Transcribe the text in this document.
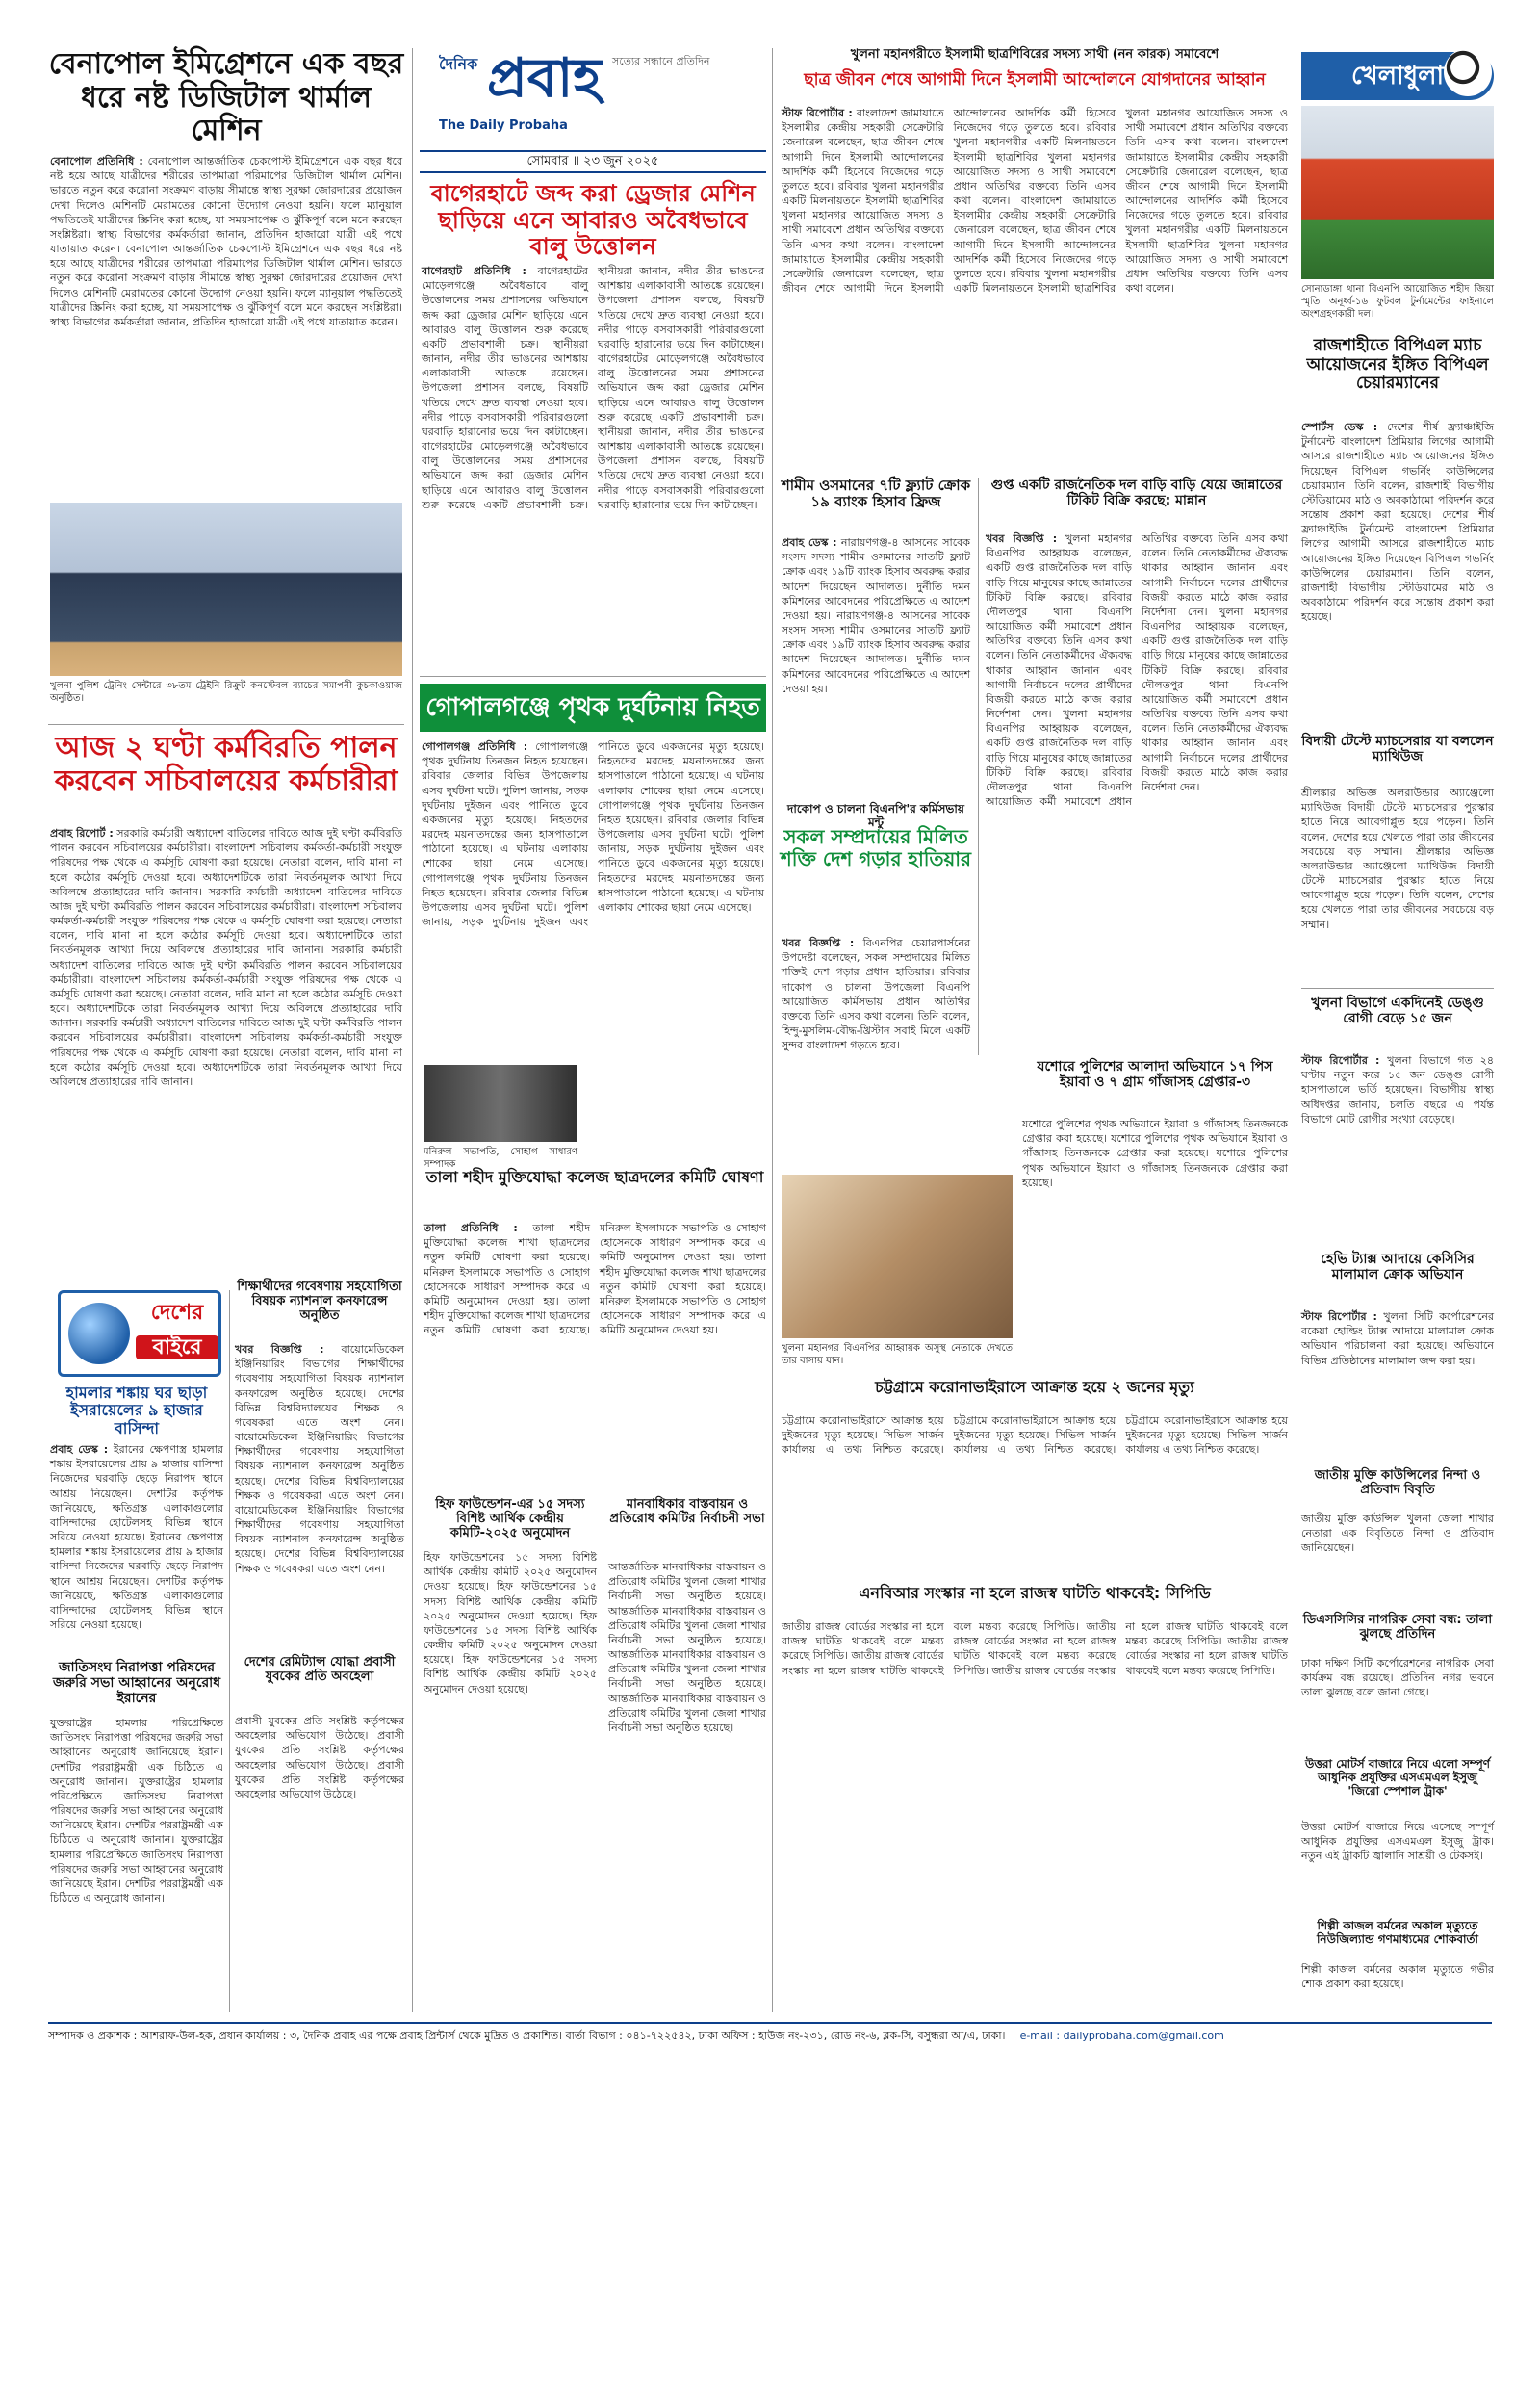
বেনাপোল ইমিগ্রেশনে এক বছর ধরে নষ্ট ডিজিটাল থার্মাল মেশিন
বেনাপোল প্রতিনিধি : বেনাপোল আন্তর্জাতিক চেকপোস্ট ইমিগ্রেশনে এক বছর ধরে নষ্ট হয়ে আছে যাত্রীদের শরীরের তাপমাত্রা পরিমাপের ডিজিটাল থার্মাল মেশিন। ভারতে নতুন করে করোনা সংক্রমণ বাড়ায় সীমান্তে স্বাস্থ্য সুরক্ষা জোরদারের প্রয়োজন দেখা দিলেও মেশিনটি মেরামতের কোনো উদ্যোগ নেওয়া হয়নি। ফলে ম্যানুয়াল পদ্ধতিতেই যাত্রীদের স্ক্রিনিং করা হচ্ছে, যা সময়সাপেক্ষ ও ঝুঁকিপূর্ণ বলে মনে করছেন সংশ্লিষ্টরা। স্বাস্থ্য বিভাগের কর্মকর্তারা জানান, প্রতিদিন হাজারো যাত্রী এই পথে যাতায়াত করেন। বেনাপোল আন্তর্জাতিক চেকপোস্ট ইমিগ্রেশনে এক বছর ধরে নষ্ট হয়ে আছে যাত্রীদের শরীরের তাপমাত্রা পরিমাপের ডিজিটাল থার্মাল মেশিন। ভারতে নতুন করে করোনা সংক্রমণ বাড়ায় সীমান্তে স্বাস্থ্য সুরক্ষা জোরদারের প্রয়োজন দেখা দিলেও মেশিনটি মেরামতের কোনো উদ্যোগ নেওয়া হয়নি। ফলে ম্যানুয়াল পদ্ধতিতেই যাত্রীদের স্ক্রিনিং করা হচ্ছে, যা সময়সাপেক্ষ ও ঝুঁকিপূর্ণ বলে মনে করছেন সংশ্লিষ্টরা। স্বাস্থ্য বিভাগের কর্মকর্তারা জানান, প্রতিদিন হাজারো যাত্রী এই পথে যাতায়াত করেন।
খুলনা পুলিশ ট্রেনিং সেন্টারে ৩৮তম ট্রেইনি রিক্রুট কনস্টেবল ব্যাচের সমাপনী কুচকাওয়াজ অনুষ্ঠিত।
আজ ২ ঘণ্টা কর্মবিরতি পালন করবেন সচিবালয়ের কর্মচারীরা
প্রবাহ রিপোর্ট : সরকারি কর্মচারী অধ্যাদেশ বাতিলের দাবিতে আজ দুই ঘণ্টা কর্মবিরতি পালন করবেন সচিবালয়ের কর্মচারীরা। বাংলাদেশ সচিবালয় কর্মকর্তা-কর্মচারী সংযুক্ত পরিষদের পক্ষ থেকে এ কর্মসূচি ঘোষণা করা হয়েছে। নেতারা বলেন, দাবি মানা না হলে কঠোর কর্মসূচি দেওয়া হবে। অধ্যাদেশটিকে তারা নিবর্তনমূলক আখ্যা দিয়ে অবিলম্বে প্রত্যাহারের দাবি জানান। সরকারি কর্মচারী অধ্যাদেশ বাতিলের দাবিতে আজ দুই ঘণ্টা কর্মবিরতি পালন করবেন সচিবালয়ের কর্মচারীরা। বাংলাদেশ সচিবালয় কর্মকর্তা-কর্মচারী সংযুক্ত পরিষদের পক্ষ থেকে এ কর্মসূচি ঘোষণা করা হয়েছে। নেতারা বলেন, দাবি মানা না হলে কঠোর কর্মসূচি দেওয়া হবে। অধ্যাদেশটিকে তারা নিবর্তনমূলক আখ্যা দিয়ে অবিলম্বে প্রত্যাহারের দাবি জানান। সরকারি কর্মচারী অধ্যাদেশ বাতিলের দাবিতে আজ দুই ঘণ্টা কর্মবিরতি পালন করবেন সচিবালয়ের কর্মচারীরা। বাংলাদেশ সচিবালয় কর্মকর্তা-কর্মচারী সংযুক্ত পরিষদের পক্ষ থেকে এ কর্মসূচি ঘোষণা করা হয়েছে। নেতারা বলেন, দাবি মানা না হলে কঠোর কর্মসূচি দেওয়া হবে। অধ্যাদেশটিকে তারা নিবর্তনমূলক আখ্যা দিয়ে অবিলম্বে প্রত্যাহারের দাবি জানান। সরকারি কর্মচারী অধ্যাদেশ বাতিলের দাবিতে আজ দুই ঘণ্টা কর্মবিরতি পালন করবেন সচিবালয়ের কর্মচারীরা। বাংলাদেশ সচিবালয় কর্মকর্তা-কর্মচারী সংযুক্ত পরিষদের পক্ষ থেকে এ কর্মসূচি ঘোষণা করা হয়েছে। নেতারা বলেন, দাবি মানা না হলে কঠোর কর্মসূচি দেওয়া হবে। অধ্যাদেশটিকে তারা নিবর্তনমূলক আখ্যা দিয়ে অবিলম্বে প্রত্যাহারের দাবি জানান।
দেশের
বাইরে
হামলার শঙ্কায় ঘর ছাড়া ইসরায়েলের ৯ হাজার বাসিন্দা
প্রবাহ ডেস্ক : ইরানের ক্ষেপণাস্ত্র হামলার শঙ্কায় ইসরায়েলের প্রায় ৯ হাজার বাসিন্দা নিজেদের ঘরবাড়ি ছেড়ে নিরাপদ স্থানে আশ্রয় নিয়েছেন। দেশটির কর্তৃপক্ষ জানিয়েছে, ক্ষতিগ্রস্ত এলাকাগুলোর বাসিন্দাদের হোটেলসহ বিভিন্ন স্থানে সরিয়ে নেওয়া হয়েছে। ইরানের ক্ষেপণাস্ত্র হামলার শঙ্কায় ইসরায়েলের প্রায় ৯ হাজার বাসিন্দা নিজেদের ঘরবাড়ি ছেড়ে নিরাপদ স্থানে আশ্রয় নিয়েছেন। দেশটির কর্তৃপক্ষ জানিয়েছে, ক্ষতিগ্রস্ত এলাকাগুলোর বাসিন্দাদের হোটেলসহ বিভিন্ন স্থানে সরিয়ে নেওয়া হয়েছে।
জাতিসংঘ নিরাপত্তা পরিষদের জরুরি সভা আহ্বানের অনুরোধ ইরানের
যুক্তরাষ্ট্রের হামলার পরিপ্রেক্ষিতে জাতিসংঘ নিরাপত্তা পরিষদের জরুরি সভা আহ্বানের অনুরোধ জানিয়েছে ইরান। দেশটির পররাষ্ট্রমন্ত্রী এক চিঠিতে এ অনুরোধ জানান। যুক্তরাষ্ট্রের হামলার পরিপ্রেক্ষিতে জাতিসংঘ নিরাপত্তা পরিষদের জরুরি সভা আহ্বানের অনুরোধ জানিয়েছে ইরান। দেশটির পররাষ্ট্রমন্ত্রী এক চিঠিতে এ অনুরোধ জানান। যুক্তরাষ্ট্রের হামলার পরিপ্রেক্ষিতে জাতিসংঘ নিরাপত্তা পরিষদের জরুরি সভা আহ্বানের অনুরোধ জানিয়েছে ইরান। দেশটির পররাষ্ট্রমন্ত্রী এক চিঠিতে এ অনুরোধ জানান।
শিক্ষার্থীদের গবেষণায় সহযোগিতা বিষয়ক ন্যাশনাল কনফারেন্স অনুষ্ঠিত
খবর বিজ্ঞপ্তি : বায়োমেডিকেল ইঞ্জিনিয়ারিং বিভাগের শিক্ষার্থীদের গবেষণায় সহযোগিতা বিষয়ক ন্যাশনাল কনফারেন্স অনুষ্ঠিত হয়েছে। দেশের বিভিন্ন বিশ্ববিদ্যালয়ের শিক্ষক ও গবেষকরা এতে অংশ নেন। বায়োমেডিকেল ইঞ্জিনিয়ারিং বিভাগের শিক্ষার্থীদের গবেষণায় সহযোগিতা বিষয়ক ন্যাশনাল কনফারেন্স অনুষ্ঠিত হয়েছে। দেশের বিভিন্ন বিশ্ববিদ্যালয়ের শিক্ষক ও গবেষকরা এতে অংশ নেন। বায়োমেডিকেল ইঞ্জিনিয়ারিং বিভাগের শিক্ষার্থীদের গবেষণায় সহযোগিতা বিষয়ক ন্যাশনাল কনফারেন্স অনুষ্ঠিত হয়েছে। দেশের বিভিন্ন বিশ্ববিদ্যালয়ের শিক্ষক ও গবেষকরা এতে অংশ নেন।
দেশের রেমিট্যান্স যোদ্ধা প্রবাসী যুবকের প্রতি অবহেলা
প্রবাসী যুবকের প্রতি সংশ্লিষ্ট কর্তৃপক্ষের অবহেলার অভিযোগ উঠেছে। প্রবাসী যুবকের প্রতি সংশ্লিষ্ট কর্তৃপক্ষের অবহেলার অভিযোগ উঠেছে। প্রবাসী যুবকের প্রতি সংশ্লিষ্ট কর্তৃপক্ষের অবহেলার অভিযোগ উঠেছে।
দৈনিক প্রবাহ সত্যের সন্ধানে প্রতিদিন
The Daily Probaha
সোমবার ॥ ২৩ জুন ২০২৫
বাগেরহাটে জব্দ করা ড্রেজার মেশিন ছাড়িয়ে এনে আবারও অবৈধভাবে বালু উত্তোলন
বাগেরহাট প্রতিনিধি : বাগেরহাটের মোড়েলগঞ্জে অবৈধভাবে বালু উত্তোলনের সময় প্রশাসনের অভিযানে জব্দ করা ড্রেজার মেশিন ছাড়িয়ে এনে আবারও বালু উত্তোলন শুরু করেছে একটি প্রভাবশালী চক্র। স্থানীয়রা জানান, নদীর তীর ভাঙনের আশঙ্কায় এলাকাবাসী আতঙ্কে রয়েছেন। উপজেলা প্রশাসন বলছে, বিষয়টি খতিয়ে দেখে দ্রুত ব্যবস্থা নেওয়া হবে। নদীর পাড়ে বসবাসকারী পরিবারগুলো ঘরবাড়ি হারানোর ভয়ে দিন কাটাচ্ছেন। বাগেরহাটের মোড়েলগঞ্জে অবৈধভাবে বালু উত্তোলনের সময় প্রশাসনের অভিযানে জব্দ করা ড্রেজার মেশিন ছাড়িয়ে এনে আবারও বালু উত্তোলন শুরু করেছে একটি প্রভাবশালী চক্র। স্থানীয়রা জানান, নদীর তীর ভাঙনের আশঙ্কায় এলাকাবাসী আতঙ্কে রয়েছেন। উপজেলা প্রশাসন বলছে, বিষয়টি খতিয়ে দেখে দ্রুত ব্যবস্থা নেওয়া হবে। নদীর পাড়ে বসবাসকারী পরিবারগুলো ঘরবাড়ি হারানোর ভয়ে দিন কাটাচ্ছেন। বাগেরহাটের মোড়েলগঞ্জে অবৈধভাবে বালু উত্তোলনের সময় প্রশাসনের অভিযানে জব্দ করা ড্রেজার মেশিন ছাড়িয়ে এনে আবারও বালু উত্তোলন শুরু করেছে একটি প্রভাবশালী চক্র। স্থানীয়রা জানান, নদীর তীর ভাঙনের আশঙ্কায় এলাকাবাসী আতঙ্কে রয়েছেন। উপজেলা প্রশাসন বলছে, বিষয়টি খতিয়ে দেখে দ্রুত ব্যবস্থা নেওয়া হবে। নদীর পাড়ে বসবাসকারী পরিবারগুলো ঘরবাড়ি হারানোর ভয়ে দিন কাটাচ্ছেন।
গোপালগঞ্জে পৃথক দুর্ঘটনায় নিহত ৩
গোপালগঞ্জ প্রতিনিধি : গোপালগঞ্জে পৃথক দুর্ঘটনায় তিনজন নিহত হয়েছেন। রবিবার জেলার বিভিন্ন উপজেলায় এসব দুর্ঘটনা ঘটে। পুলিশ জানায়, সড়ক দুর্ঘটনায় দুইজন এবং পানিতে ডুবে একজনের মৃত্যু হয়েছে। নিহতদের মরদেহ ময়নাতদন্তের জন্য হাসপাতালে পাঠানো হয়েছে। এ ঘটনায় এলাকায় শোকের ছায়া নেমে এসেছে। গোপালগঞ্জে পৃথক দুর্ঘটনায় তিনজন নিহত হয়েছেন। রবিবার জেলার বিভিন্ন উপজেলায় এসব দুর্ঘটনা ঘটে। পুলিশ জানায়, সড়ক দুর্ঘটনায় দুইজন এবং পানিতে ডুবে একজনের মৃত্যু হয়েছে। নিহতদের মরদেহ ময়নাতদন্তের জন্য হাসপাতালে পাঠানো হয়েছে। এ ঘটনায় এলাকায় শোকের ছায়া নেমে এসেছে। গোপালগঞ্জে পৃথক দুর্ঘটনায় তিনজন নিহত হয়েছেন। রবিবার জেলার বিভিন্ন উপজেলায় এসব দুর্ঘটনা ঘটে। পুলিশ জানায়, সড়ক দুর্ঘটনায় দুইজন এবং পানিতে ডুবে একজনের মৃত্যু হয়েছে। নিহতদের মরদেহ ময়নাতদন্তের জন্য হাসপাতালে পাঠানো হয়েছে। এ ঘটনায় এলাকায় শোকের ছায়া নেমে এসেছে।
মনিরুল সভাপতি, সোহাগ সাধারণ সম্পাদক
তালা শহীদ মুক্তিযোদ্ধা কলেজ ছাত্রদলের কমিটি ঘোষণা
তালা প্রতিনিধি : তালা শহীদ মুক্তিযোদ্ধা কলেজ শাখা ছাত্রদলের নতুন কমিটি ঘোষণা করা হয়েছে। মনিরুল ইসলামকে সভাপতি ও সোহাগ হোসেনকে সাধারণ সম্পাদক করে এ কমিটি অনুমোদন দেওয়া হয়। তালা শহীদ মুক্তিযোদ্ধা কলেজ শাখা ছাত্রদলের নতুন কমিটি ঘোষণা করা হয়েছে। মনিরুল ইসলামকে সভাপতি ও সোহাগ হোসেনকে সাধারণ সম্পাদক করে এ কমিটি অনুমোদন দেওয়া হয়। তালা শহীদ মুক্তিযোদ্ধা কলেজ শাখা ছাত্রদলের নতুন কমিটি ঘোষণা করা হয়েছে। মনিরুল ইসলামকে সভাপতি ও সোহাগ হোসেনকে সাধারণ সম্পাদক করে এ কমিটি অনুমোদন দেওয়া হয়।
হিফ ফাউন্ডেশন-এর ১৫ সদস্য বিশিষ্ট আর্থিক কেন্দ্রীয় কমিটি-২০২৫ অনুমোদন
হিফ ফাউন্ডেশনের ১৫ সদস্য বিশিষ্ট আর্থিক কেন্দ্রীয় কমিটি ২০২৫ অনুমোদন দেওয়া হয়েছে। হিফ ফাউন্ডেশনের ১৫ সদস্য বিশিষ্ট আর্থিক কেন্দ্রীয় কমিটি ২০২৫ অনুমোদন দেওয়া হয়েছে। হিফ ফাউন্ডেশনের ১৫ সদস্য বিশিষ্ট আর্থিক কেন্দ্রীয় কমিটি ২০২৫ অনুমোদন দেওয়া হয়েছে। হিফ ফাউন্ডেশনের ১৫ সদস্য বিশিষ্ট আর্থিক কেন্দ্রীয় কমিটি ২০২৫ অনুমোদন দেওয়া হয়েছে।
মানবাধিকার বাস্তবায়ন ও প্রতিরোধ কমিটির নির্বাচনী সভা
আন্তর্জাতিক মানবাধিকার বাস্তবায়ন ও প্রতিরোধ কমিটির খুলনা জেলা শাখার নির্বাচনী সভা অনুষ্ঠিত হয়েছে। আন্তর্জাতিক মানবাধিকার বাস্তবায়ন ও প্রতিরোধ কমিটির খুলনা জেলা শাখার নির্বাচনী সভা অনুষ্ঠিত হয়েছে। আন্তর্জাতিক মানবাধিকার বাস্তবায়ন ও প্রতিরোধ কমিটির খুলনা জেলা শাখার নির্বাচনী সভা অনুষ্ঠিত হয়েছে। আন্তর্জাতিক মানবাধিকার বাস্তবায়ন ও প্রতিরোধ কমিটির খুলনা জেলা শাখার নির্বাচনী সভা অনুষ্ঠিত হয়েছে।
খুলনা মহানগরীতে ইসলামী ছাত্রশিবিরের সদস্য সাথী (নন কারক) সমাবেশে
ছাত্র জীবন শেষে আগামী দিনে ইসলামী আন্দোলনে যোগদানের আহ্বান
স্টাফ রিপোর্টার : বাংলাদেশ জামায়াতে ইসলামীর কেন্দ্রীয় সহকারী সেক্রেটারি জেনারেল বলেছেন, ছাত্র জীবন শেষে আগামী দিনে ইসলামী আন্দোলনের আদর্শিক কর্মী হিসেবে নিজেদের গড়ে তুলতে হবে। রবিবার খুলনা মহানগরীর একটি মিলনায়তনে ইসলামী ছাত্রশিবির খুলনা মহানগর আয়োজিত সদস্য ও সাথী সমাবেশে প্রধান অতিথির বক্তব্যে তিনি এসব কথা বলেন। বাংলাদেশ জামায়াতে ইসলামীর কেন্দ্রীয় সহকারী সেক্রেটারি জেনারেল বলেছেন, ছাত্র জীবন শেষে আগামী দিনে ইসলামী আন্দোলনের আদর্শিক কর্মী হিসেবে নিজেদের গড়ে তুলতে হবে। রবিবার খুলনা মহানগরীর একটি মিলনায়তনে ইসলামী ছাত্রশিবির খুলনা মহানগর আয়োজিত সদস্য ও সাথী সমাবেশে প্রধান অতিথির বক্তব্যে তিনি এসব কথা বলেন। বাংলাদেশ জামায়াতে ইসলামীর কেন্দ্রীয় সহকারী সেক্রেটারি জেনারেল বলেছেন, ছাত্র জীবন শেষে আগামী দিনে ইসলামী আন্দোলনের আদর্শিক কর্মী হিসেবে নিজেদের গড়ে তুলতে হবে। রবিবার খুলনা মহানগরীর একটি মিলনায়তনে ইসলামী ছাত্রশিবির খুলনা মহানগর আয়োজিত সদস্য ও সাথী সমাবেশে প্রধান অতিথির বক্তব্যে তিনি এসব কথা বলেন। বাংলাদেশ জামায়াতে ইসলামীর কেন্দ্রীয় সহকারী সেক্রেটারি জেনারেল বলেছেন, ছাত্র জীবন শেষে আগামী দিনে ইসলামী আন্দোলনের আদর্শিক কর্মী হিসেবে নিজেদের গড়ে তুলতে হবে। রবিবার খুলনা মহানগরীর একটি মিলনায়তনে ইসলামী ছাত্রশিবির খুলনা মহানগর আয়োজিত সদস্য ও সাথী সমাবেশে প্রধান অতিথির বক্তব্যে তিনি এসব কথা বলেন।
শামীম ওসমানের ৭টি ফ্ল্যাট ক্রোক ১৯ ব্যাংক হিসাব ফ্রিজ
প্রবাহ ডেস্ক : নারায়ণগঞ্জ-৪ আসনের সাবেক সংসদ সদস্য শামীম ওসমানের সাতটি ফ্ল্যাট ক্রোক এবং ১৯টি ব্যাংক হিসাব অবরুদ্ধ করার আদেশ দিয়েছেন আদালত। দুর্নীতি দমন কমিশনের আবেদনের পরিপ্রেক্ষিতে এ আদেশ দেওয়া হয়। নারায়ণগঞ্জ-৪ আসনের সাবেক সংসদ সদস্য শামীম ওসমানের সাতটি ফ্ল্যাট ক্রোক এবং ১৯টি ব্যাংক হিসাব অবরুদ্ধ করার আদেশ দিয়েছেন আদালত। দুর্নীতি দমন কমিশনের আবেদনের পরিপ্রেক্ষিতে এ আদেশ দেওয়া হয়।
গুপ্ত একটি রাজনৈতিক দল বাড়ি বাড়ি যেয়ে জান্নাতের টিকিট বিক্রি করছে: মান্নান
খবর বিজ্ঞপ্তি : খুলনা মহানগর বিএনপির আহ্বায়ক বলেছেন, একটি গুপ্ত রাজনৈতিক দল বাড়ি বাড়ি গিয়ে মানুষের কাছে জান্নাতের টিকিট বিক্রি করছে। রবিবার দৌলতপুর থানা বিএনপি আয়োজিত কর্মী সমাবেশে প্রধান অতিথির বক্তব্যে তিনি এসব কথা বলেন। তিনি নেতাকর্মীদের ঐক্যবদ্ধ থাকার আহ্বান জানান এবং আগামী নির্বাচনে দলের প্রার্থীদের বিজয়ী করতে মাঠে কাজ করার নির্দেশনা দেন। খুলনা মহানগর বিএনপির আহ্বায়ক বলেছেন, একটি গুপ্ত রাজনৈতিক দল বাড়ি বাড়ি গিয়ে মানুষের কাছে জান্নাতের টিকিট বিক্রি করছে। রবিবার দৌলতপুর থানা বিএনপি আয়োজিত কর্মী সমাবেশে প্রধান অতিথির বক্তব্যে তিনি এসব কথা বলেন। তিনি নেতাকর্মীদের ঐক্যবদ্ধ থাকার আহ্বান জানান এবং আগামী নির্বাচনে দলের প্রার্থীদের বিজয়ী করতে মাঠে কাজ করার নির্দেশনা দেন। খুলনা মহানগর বিএনপির আহ্বায়ক বলেছেন, একটি গুপ্ত রাজনৈতিক দল বাড়ি বাড়ি গিয়ে মানুষের কাছে জান্নাতের টিকিট বিক্রি করছে। রবিবার দৌলতপুর থানা বিএনপি আয়োজিত কর্মী সমাবেশে প্রধান অতিথির বক্তব্যে তিনি এসব কথা বলেন। তিনি নেতাকর্মীদের ঐক্যবদ্ধ থাকার আহ্বান জানান এবং আগামী নির্বাচনে দলের প্রার্থীদের বিজয়ী করতে মাঠে কাজ করার নির্দেশনা দেন।
দাকোপ ও চালনা বিএনপি'র কর্মিসভায় মন্টু
সকল সম্প্রদায়ের মিলিত শক্তি দেশ গড়ার হাতিয়ার
খবর বিজ্ঞপ্তি : বিএনপির চেয়ারপার্সনের উপদেষ্টা বলেছেন, সকল সম্প্রদায়ের মিলিত শক্তিই দেশ গড়ার প্রধান হাতিয়ার। রবিবার দাকোপ ও চালনা উপজেলা বিএনপি আয়োজিত কর্মিসভায় প্রধান অতিথির বক্তব্যে তিনি এসব কথা বলেন। তিনি বলেন, হিন্দু-মুসলিম-বৌদ্ধ-খ্রিস্টান সবাই মিলে একটি সুন্দর বাংলাদেশ গড়তে হবে।
খুলনা মহানগর বিএনপির আহ্বায়ক অসুস্থ নেতাকে দেখতে তার বাসায় যান।
যশোরে পুলিশের আলাদা অভিযানে ১৭ পিস ইয়াবা ও ৭ গ্রাম গাঁজাসহ গ্রেপ্তার-৩
যশোরে পুলিশের পৃথক অভিযানে ইয়াবা ও গাঁজাসহ তিনজনকে গ্রেপ্তার করা হয়েছে। যশোরে পুলিশের পৃথক অভিযানে ইয়াবা ও গাঁজাসহ তিনজনকে গ্রেপ্তার করা হয়েছে। যশোরে পুলিশের পৃথক অভিযানে ইয়াবা ও গাঁজাসহ তিনজনকে গ্রেপ্তার করা হয়েছে।
চট্টগ্রামে করোনাভাইরাসে আক্রান্ত হয়ে ২ জনের মৃত্যু
চট্টগ্রামে করোনাভাইরাসে আক্রান্ত হয়ে দুইজনের মৃত্যু হয়েছে। সিভিল সার্জন কার্যালয় এ তথ্য নিশ্চিত করেছে। চট্টগ্রামে করোনাভাইরাসে আক্রান্ত হয়ে দুইজনের মৃত্যু হয়েছে। সিভিল সার্জন কার্যালয় এ তথ্য নিশ্চিত করেছে। চট্টগ্রামে করোনাভাইরাসে আক্রান্ত হয়ে দুইজনের মৃত্যু হয়েছে। সিভিল সার্জন কার্যালয় এ তথ্য নিশ্চিত করেছে।
এনবিআর সংস্কার না হলে রাজস্ব ঘাটতি থাকবেই: সিপিডি
জাতীয় রাজস্ব বোর্ডের সংস্কার না হলে রাজস্ব ঘাটতি থাকবেই বলে মন্তব্য করেছে সিপিডি। জাতীয় রাজস্ব বোর্ডের সংস্কার না হলে রাজস্ব ঘাটতি থাকবেই বলে মন্তব্য করেছে সিপিডি। জাতীয় রাজস্ব বোর্ডের সংস্কার না হলে রাজস্ব ঘাটতি থাকবেই বলে মন্তব্য করেছে সিপিডি। জাতীয় রাজস্ব বোর্ডের সংস্কার না হলে রাজস্ব ঘাটতি থাকবেই বলে মন্তব্য করেছে সিপিডি। জাতীয় রাজস্ব বোর্ডের সংস্কার না হলে রাজস্ব ঘাটতি থাকবেই বলে মন্তব্য করেছে সিপিডি।
খেলাধুলা
সোনাডাঙ্গা থানা বিএনপি আয়োজিত শহীদ জিয়া স্মৃতি অনূর্ধ্ব-১৬ ফুটবল টুর্নামেন্টের ফাইনালে অংশগ্রহণকারী দল।
রাজশাহীতে বিপিএল ম্যাচ আয়োজনের ইঙ্গিত বিপিএল চেয়ারম্যানের
স্পোর্টস ডেস্ক : দেশের শীর্ষ ফ্র্যাঞ্চাইজি টুর্নামেন্ট বাংলাদেশ প্রিমিয়ার লিগের আগামী আসরে রাজশাহীতে ম্যাচ আয়োজনের ইঙ্গিত দিয়েছেন বিপিএল গভর্নিং কাউন্সিলের চেয়ারম্যান। তিনি বলেন, রাজশাহী বিভাগীয় স্টেডিয়ামের মাঠ ও অবকাঠামো পরিদর্শন করে সন্তোষ প্রকাশ করা হয়েছে। দেশের শীর্ষ ফ্র্যাঞ্চাইজি টুর্নামেন্ট বাংলাদেশ প্রিমিয়ার লিগের আগামী আসরে রাজশাহীতে ম্যাচ আয়োজনের ইঙ্গিত দিয়েছেন বিপিএল গভর্নিং কাউন্সিলের চেয়ারম্যান। তিনি বলেন, রাজশাহী বিভাগীয় স্টেডিয়ামের মাঠ ও অবকাঠামো পরিদর্শন করে সন্তোষ প্রকাশ করা হয়েছে।
বিদায়ী টেস্টে ম্যাচসেরার যা বললেন ম্যাথিউজ
শ্রীলঙ্কার অভিজ্ঞ অলরাউন্ডার অ্যাঞ্জেলো ম্যাথিউজ বিদায়ী টেস্টে ম্যাচসেরার পুরস্কার হাতে নিয়ে আবেগাপ্লুত হয়ে পড়েন। তিনি বলেন, দেশের হয়ে খেলতে পারা তার জীবনের সবচেয়ে বড় সম্মান। শ্রীলঙ্কার অভিজ্ঞ অলরাউন্ডার অ্যাঞ্জেলো ম্যাথিউজ বিদায়ী টেস্টে ম্যাচসেরার পুরস্কার হাতে নিয়ে আবেগাপ্লুত হয়ে পড়েন। তিনি বলেন, দেশের হয়ে খেলতে পারা তার জীবনের সবচেয়ে বড় সম্মান।
খুলনা বিভাগে একদিনেই ডেঙ্গু রোগী বেড়ে ১৫ জন
স্টাফ রিপোর্টার : খুলনা বিভাগে গত ২৪ ঘণ্টায় নতুন করে ১৫ জন ডেঙ্গু রোগী হাসপাতালে ভর্তি হয়েছেন। বিভাগীয় স্বাস্থ্য অধিদপ্তর জানায়, চলতি বছরে এ পর্যন্ত বিভাগে মোট রোগীর সংখ্যা বেড়েছে।
হেভি ট্যাক্স আদায়ে কেসিসির মালামাল ক্রোক অভিযান
স্টাফ রিপোর্টার : খুলনা সিটি কর্পোরেশনের বকেয়া হোল্ডিং ট্যাক্স আদায়ে মালামাল ক্রোক অভিযান পরিচালনা করা হয়েছে। অভিযানে বিভিন্ন প্রতিষ্ঠানের মালামাল জব্দ করা হয়।
জাতীয় মুক্তি কাউন্সিলের নিন্দা ও প্রতিবাদ বিবৃতি
জাতীয় মুক্তি কাউন্সিল খুলনা জেলা শাখার নেতারা এক বিবৃতিতে নিন্দা ও প্রতিবাদ জানিয়েছেন।
ডিএসসিসির নাগরিক সেবা বন্ধ: তালা ঝুলছে প্রতিদিন
ঢাকা দক্ষিণ সিটি কর্পোরেশনের নাগরিক সেবা কার্যক্রম বন্ধ রয়েছে। প্রতিদিন নগর ভবনে তালা ঝুলছে বলে জানা গেছে।
উত্তরা মোটর্স বাজারে নিয়ে এলো সম্পূর্ণ আধুনিক প্রযুক্তির এসএমএল ইসুজু 'জিরো স্পেশাল ট্রাক'
উত্তরা মোটর্স বাজারে নিয়ে এসেছে সম্পূর্ণ আধুনিক প্রযুক্তির এসএমএল ইসুজু ট্রাক। নতুন এই ট্রাকটি জ্বালানি সাশ্রয়ী ও টেকসই।
শিল্পী কাজল বর্মনের অকাল মৃত্যুতে নিউজিল্যান্ড গণমাধ্যমের শোকবার্তা
শিল্পী কাজল বর্মনের অকাল মৃত্যুতে গভীর শোক প্রকাশ করা হয়েছে।
সম্পাদক ও প্রকাশক : আশরাফ-উল-হক, প্রধান কার্যালয় : ৩, দৈনিক প্রবাহ এর পক্ষে প্রবাহ প্রিন্টার্স থেকে মুদ্রিত ও প্রকাশিত। বার্তা বিভাগ : ০৪১-৭২২৫৪২, ঢাকা অফিস : হাউজ নং-২৩১, রোড নং-৬, ব্লক-সি, বসুন্ধরা আ/এ, ঢাকা। e-mail : dailyprobaha.com@gmail.com
